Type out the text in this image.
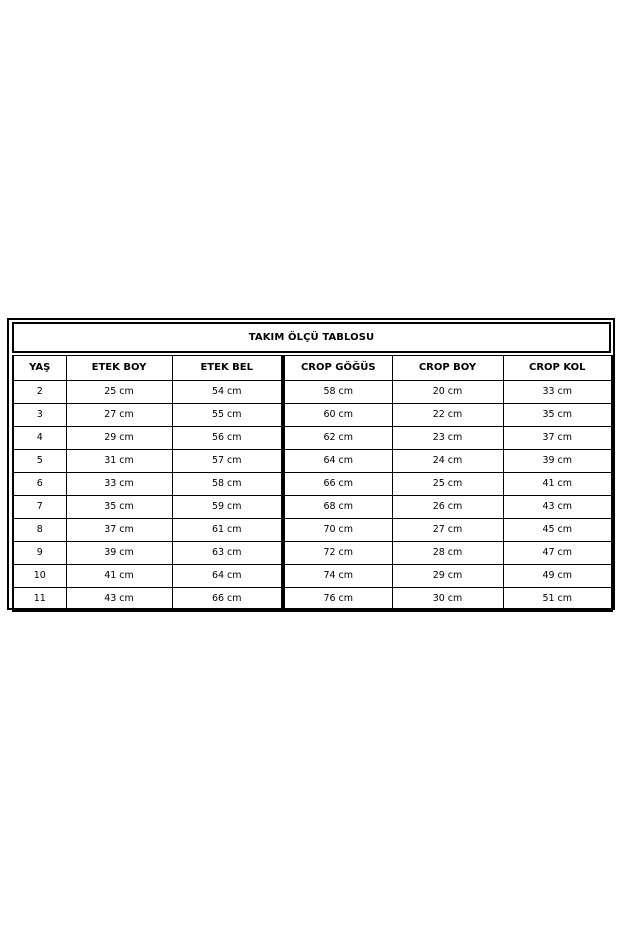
TAKIM ÖLÇÜ TABLOSU
YAŞ	ETEK BOY	ETEK BEL	CROP GÖĞÜS	CROP BOY	CROP KOL
2	25 cm	54 cm	58 cm	20 cm	33 cm
3	27 cm	55 cm	60 cm	22 cm	35 cm
4	29 cm	56 cm	62 cm	23 cm	37 cm
5	31 cm	57 cm	64 cm	24 cm	39 cm
6	33 cm	58 cm	66 cm	25 cm	41 cm
7	35 cm	59 cm	68 cm	26 cm	43 cm
8	37 cm	61 cm	70 cm	27 cm	45 cm
9	39 cm	63 cm	72 cm	28 cm	47 cm
10	41 cm	64 cm	74 cm	29 cm	49 cm
11	43 cm	66 cm	76 cm	30 cm	51 cm
